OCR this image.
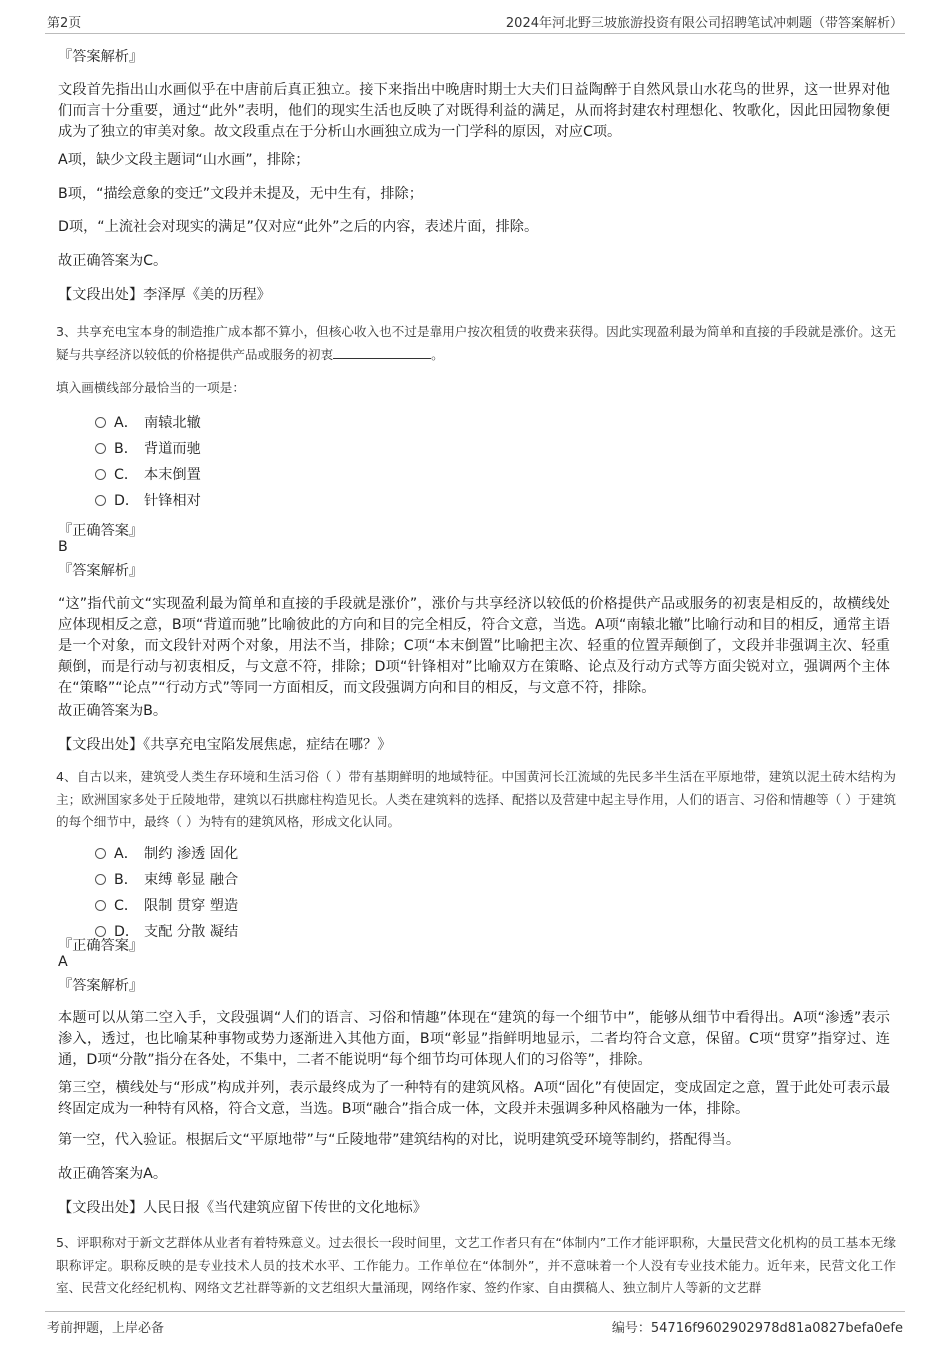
第2页	2024年河北野三坡旅游投资有限公司招聘笔试冲刺题（带答案解析）
『答案解析』

文段首先指出山水画似乎在中唐前后真正独立。接下来指出中晚唐时期士大夫们日益陶醉于自然风景山水花鸟的世界，这一世界对他们而言十分重要，通过“此外”表明，他们的现实生活也反映了对既得利益的满足，从而将封建农村理想化、牧歌化，因此田园物象便成为了独立的审美对象。故文段重点在于分析山水画独立成为一门学科的原因，对应C项。

A项，缺少文段主题词“山水画”，排除；

B项，“描绘意象的变迁”文段并未提及，无中生有，排除；

D项，“上流社会对现实的满足”仅对应“此外”之后的内容，表述片面，排除。

故正确答案为C。

【文段出处】李泽厚《美的历程》

3、共享充电宝本身的制造推广成本都不算小，但核心收入也不过是靠用户按次租赁的收费来获得。因此实现盈利最为简单和直接的手段就是涨价。这无疑与共享经济以较低的价格提供产品或服务的初衷	。

填入画横线部分最恰当的一项是：

A． 南辕北辙
B． 背道而驰
C． 本末倒置
D． 针锋相对
『正确答案』
B
『答案解析』

“这”指代前文“实现盈利最为简单和直接的手段就是涨价”，涨价与共享经济以较低的价格提供产品或服务的初衷是相反的，故横线处应体现相反之意，B项“背道而驰”比喻彼此的方向和目的完全相反，符合文意，当选。A项“南辕北辙”比喻行动和目的相反，通常主语是一个对象，而文段针对两个对象，用法不当，排除；C项“本末倒置”比喻把主次、轻重的位置弄颠倒了，文段并非强调主次、轻重颠倒，而是行动与初衷相反，与文意不符，排除；D项“针锋相对”比喻双方在策略、论点及行动方式等方面尖锐对立，强调两个主体在“策略”“论点”“行动方式”等同一方面相反，而文段强调方向和目的相反，与文意不符，排除。

故正确答案为B。

【文段出处】《共享充电宝陷发展焦虑，症结在哪？》

4、自古以来，建筑受人类生存环境和生活习俗（ ）带有基期鲜明的地域特征。中国黄河长江流域的先民多半生活在平原地带，建筑以泥土砖木结构为主；欧洲国家多处于丘陵地带，建筑以石拱廊柱构造见长。人类在建筑料的选择、配搭以及营建中起主导作用，人们的语言、习俗和情趣等（ ）于建筑的每个细节中，最终（ ）为特有的建筑风格，形成文化认同。

A． 制约 渗透 固化
B． 束缚 彰显 融合
C． 限制 贯穿 塑造
D． 支配 分散 凝结
『正确答案』
A
『答案解析』

本题可以从第二空入手，文段强调“人们的语言、习俗和情趣”体现在“建筑的每一个细节中”，能够从细节中看得出。A项“渗透”表示渗入，透过，也比喻某种事物或势力逐渐进入其他方面，B项“彰显”指鲜明地显示，二者均符合文意，保留。C项“贯穿”指穿过、连通，D项“分散”指分在各处，不集中，二者不能说明“每个细节均可体现人们的习俗等”，排除。

第三空，横线处与“形成”构成并列，表示最终成为了一种特有的建筑风格。A项“固化”有使固定，变成固定之意，置于此处可表示最终固定成为一种特有风格，符合文意，当选。B项“融合”指合成一体，文段并未强调多种风格融为一体，排除。

第一空，代入验证。根据后文“平原地带”与“丘陵地带”建筑结构的对比，说明建筑受环境等制约，搭配得当。

故正确答案为A。

【文段出处】人民日报《当代建筑应留下传世的文化地标》

5、评职称对于新文艺群体从业者有着特殊意义。过去很长一段时间里，文艺工作者只有在“体制内”工作才能评职称，大量民营文化机构的员工基本无缘职称评定。职称反映的是专业技术人员的技术水平、工作能力。工作单位在“体制外”，并不意味着一个人没有专业技术能力。近年来，民营文化工作室、民营文化经纪机构、网络文艺社群等新的文艺组织大量涌现，网络作家、签约作家、自由撰稿人、独立制片人等新的文艺群

考前押题，上岸必备	编号：54716f9602902978d81a0827befa0efe
